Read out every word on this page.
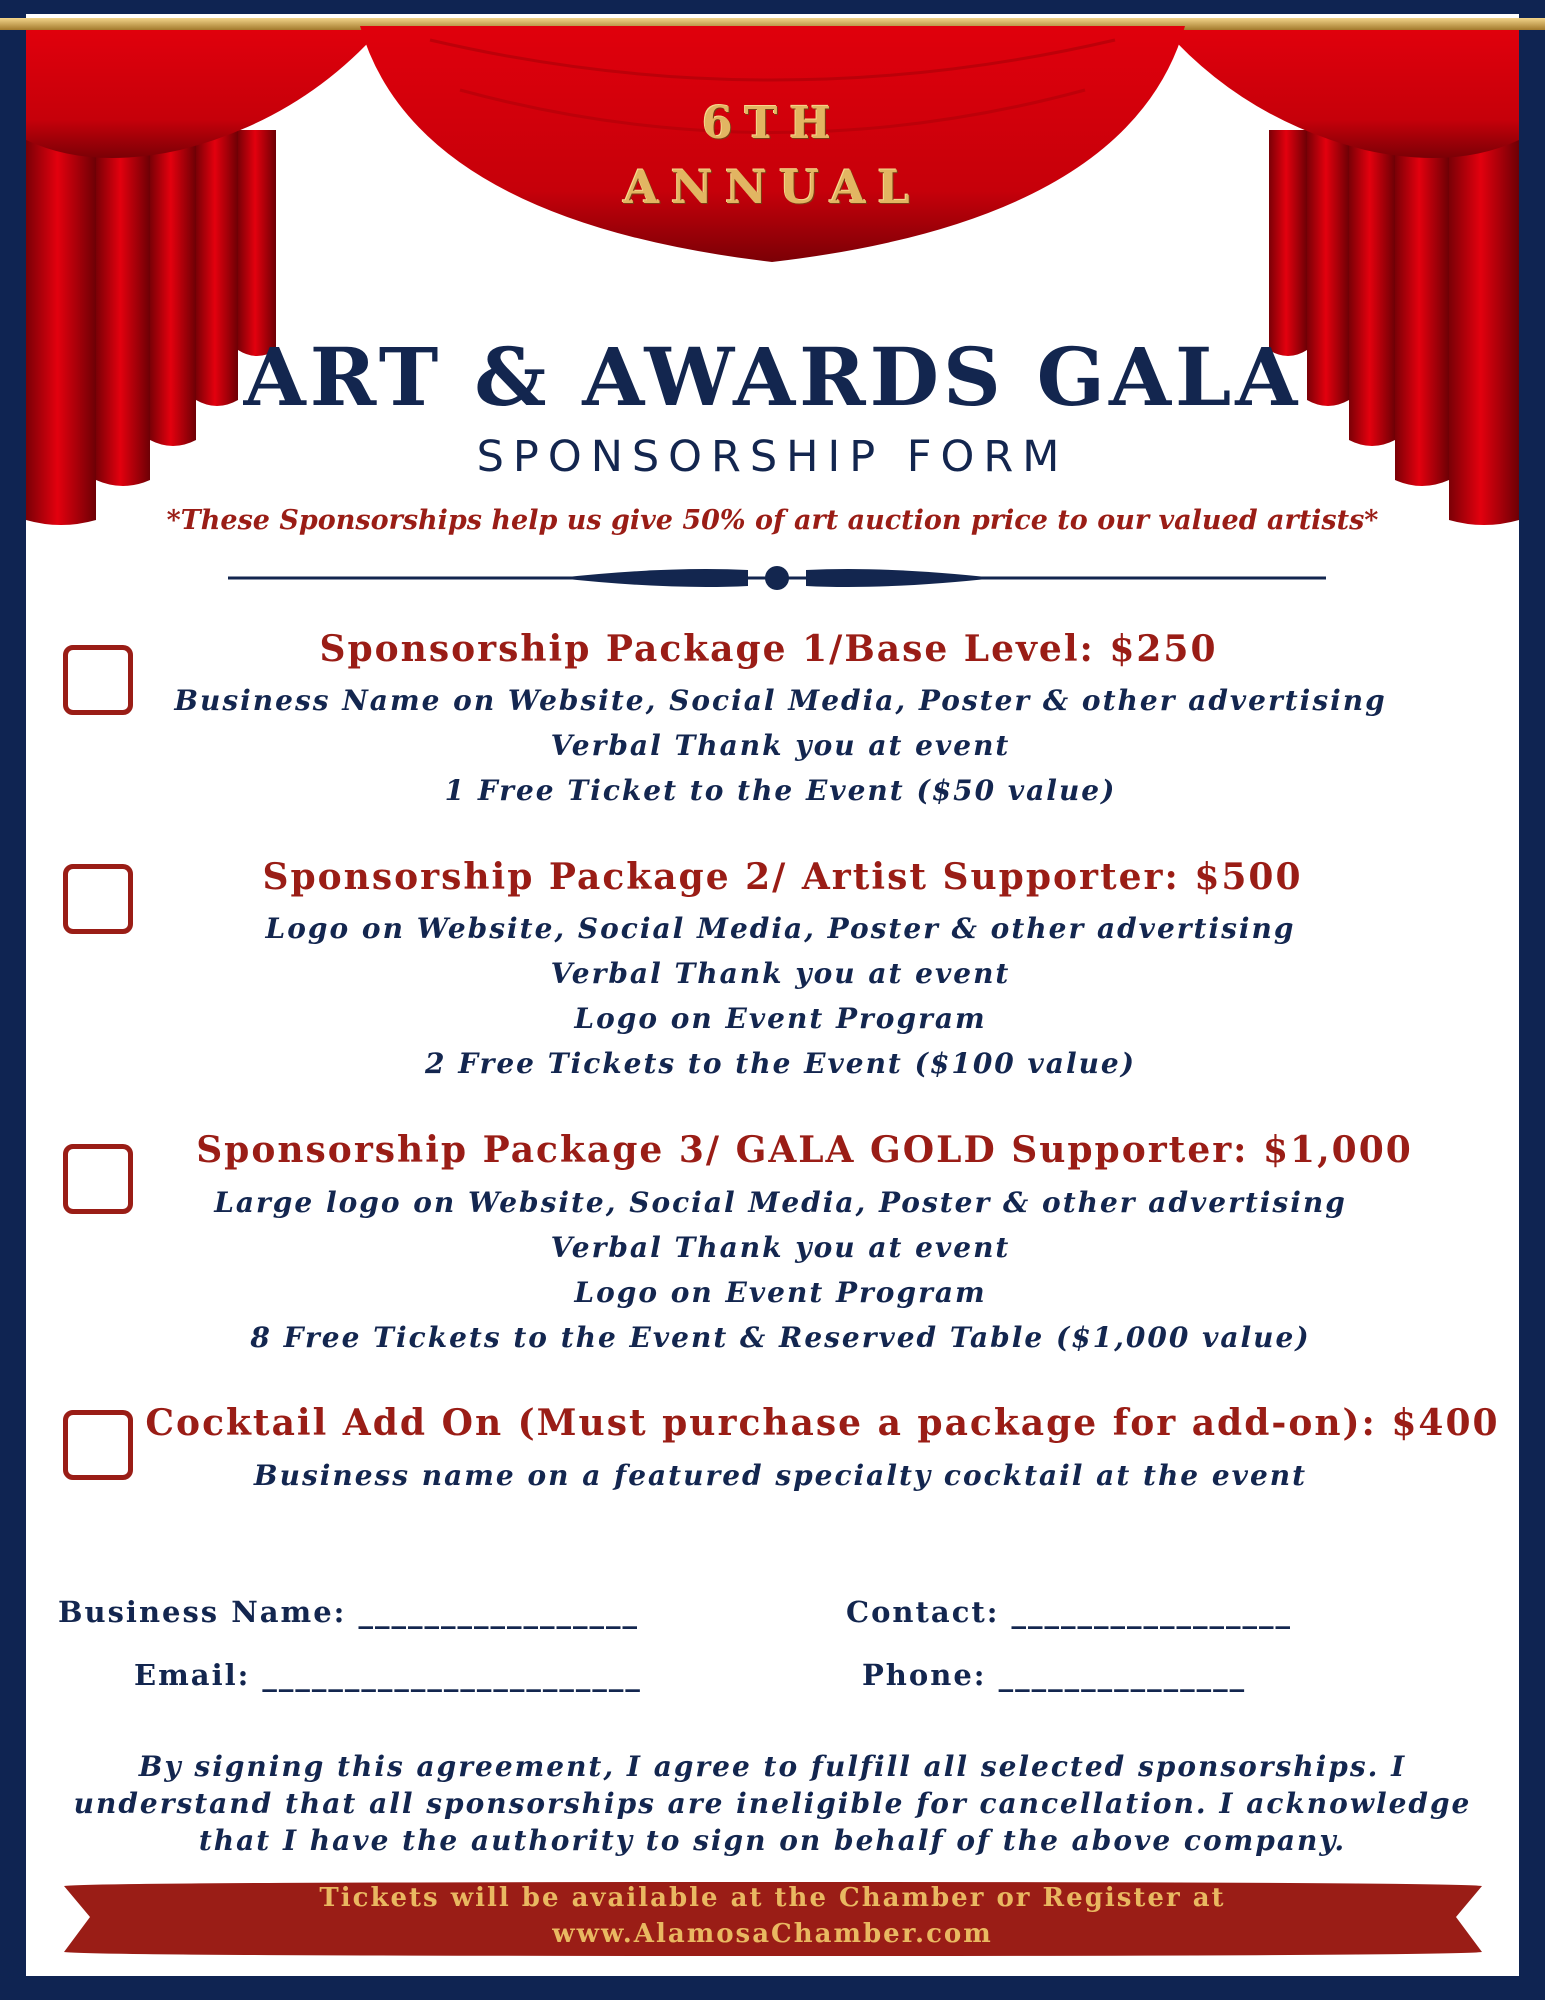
6TH
ANNUAL
ART & AWARDS GALA
SPONSORSHIP FORM
*These Sponsorships help us give 50% of art auction price to our valued artists*
Sponsorship Package 1/Base Level: $250
Business Name on Website, Social Media, Poster & other advertising
Verbal Thank you at event
1 Free Ticket to the Event ($50 value)
Sponsorship Package 2/ Artist Supporter: $500
Logo on Website, Social Media, Poster & other advertising
Verbal Thank you at event
Logo on Event Program
2 Free Tickets to the Event ($100 value)
Sponsorship Package 3/ GALA GOLD Supporter: $1,000
Large logo on Website, Social Media, Poster & other advertising
Verbal Thank you at event
Logo on Event Program
8 Free Tickets to the Event & Reserved Table ($1,000 value)
Cocktail Add On (Must purchase a package for add-on): $400
Business name on a featured specialty cocktail at the event
Business Name: _________________	Contact: _________________
Email: _______________________	Phone: _______________
By signing this agreement, I agree to fulfill all selected sponsorships. I understand that all sponsorships are ineligible for cancellation. I acknowledge that I have the authority to sign on behalf of the above company.
Tickets will be available at the Chamber or Register at
www.AlamosaChamber.com
